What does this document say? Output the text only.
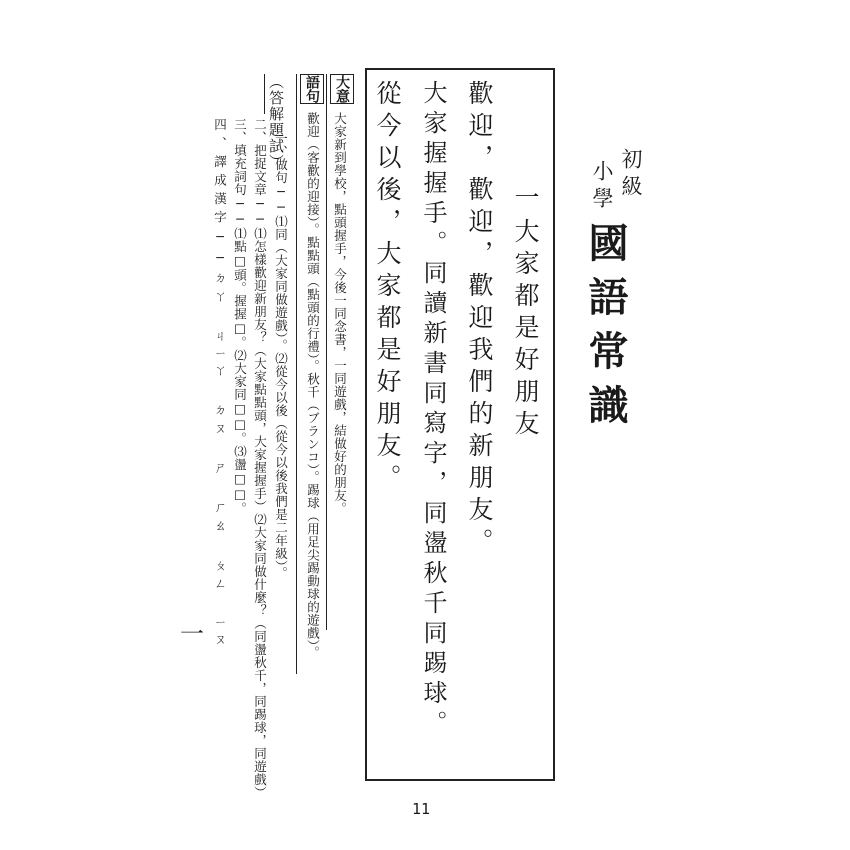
初級
小學
國語常識
一
大家都是好朋友
歡迎，歡迎，歡迎我們的新朋友。
大家握握手。同讀新書同寫字，同盪秋千同踢球。
從今以後，大家都是好朋友。
大意
大家新到學校，點頭握手，今後一同念書，一同遊戲，結做好的朋友。
語句
歡迎（客歡的迎接）。點點頭（點頭的行禮）。秋千（ブランコ）。踢球（用足尖踢動球的遊戲）。
（答解題試）
一、做句──⑴同（大家同做遊戲）。⑵從今以後（從今以後我們是二年級）。
二、把捉文章──⑴怎樣歡迎新朋友？（大家點點頭，大家握握手）⑵大家同做什麼？（同盪秋千，同踢球，同遊戲）
三、填充詞句──⑴點□頭。握握□。⑵大家同□□。⑶盪□□。
四、譯成漢字──ㄉㄚ ㄐㄧㄚ ㄉㄡ ㄕ ㄏㄠ ㄆㄥ ㄧㄡ
一
11
